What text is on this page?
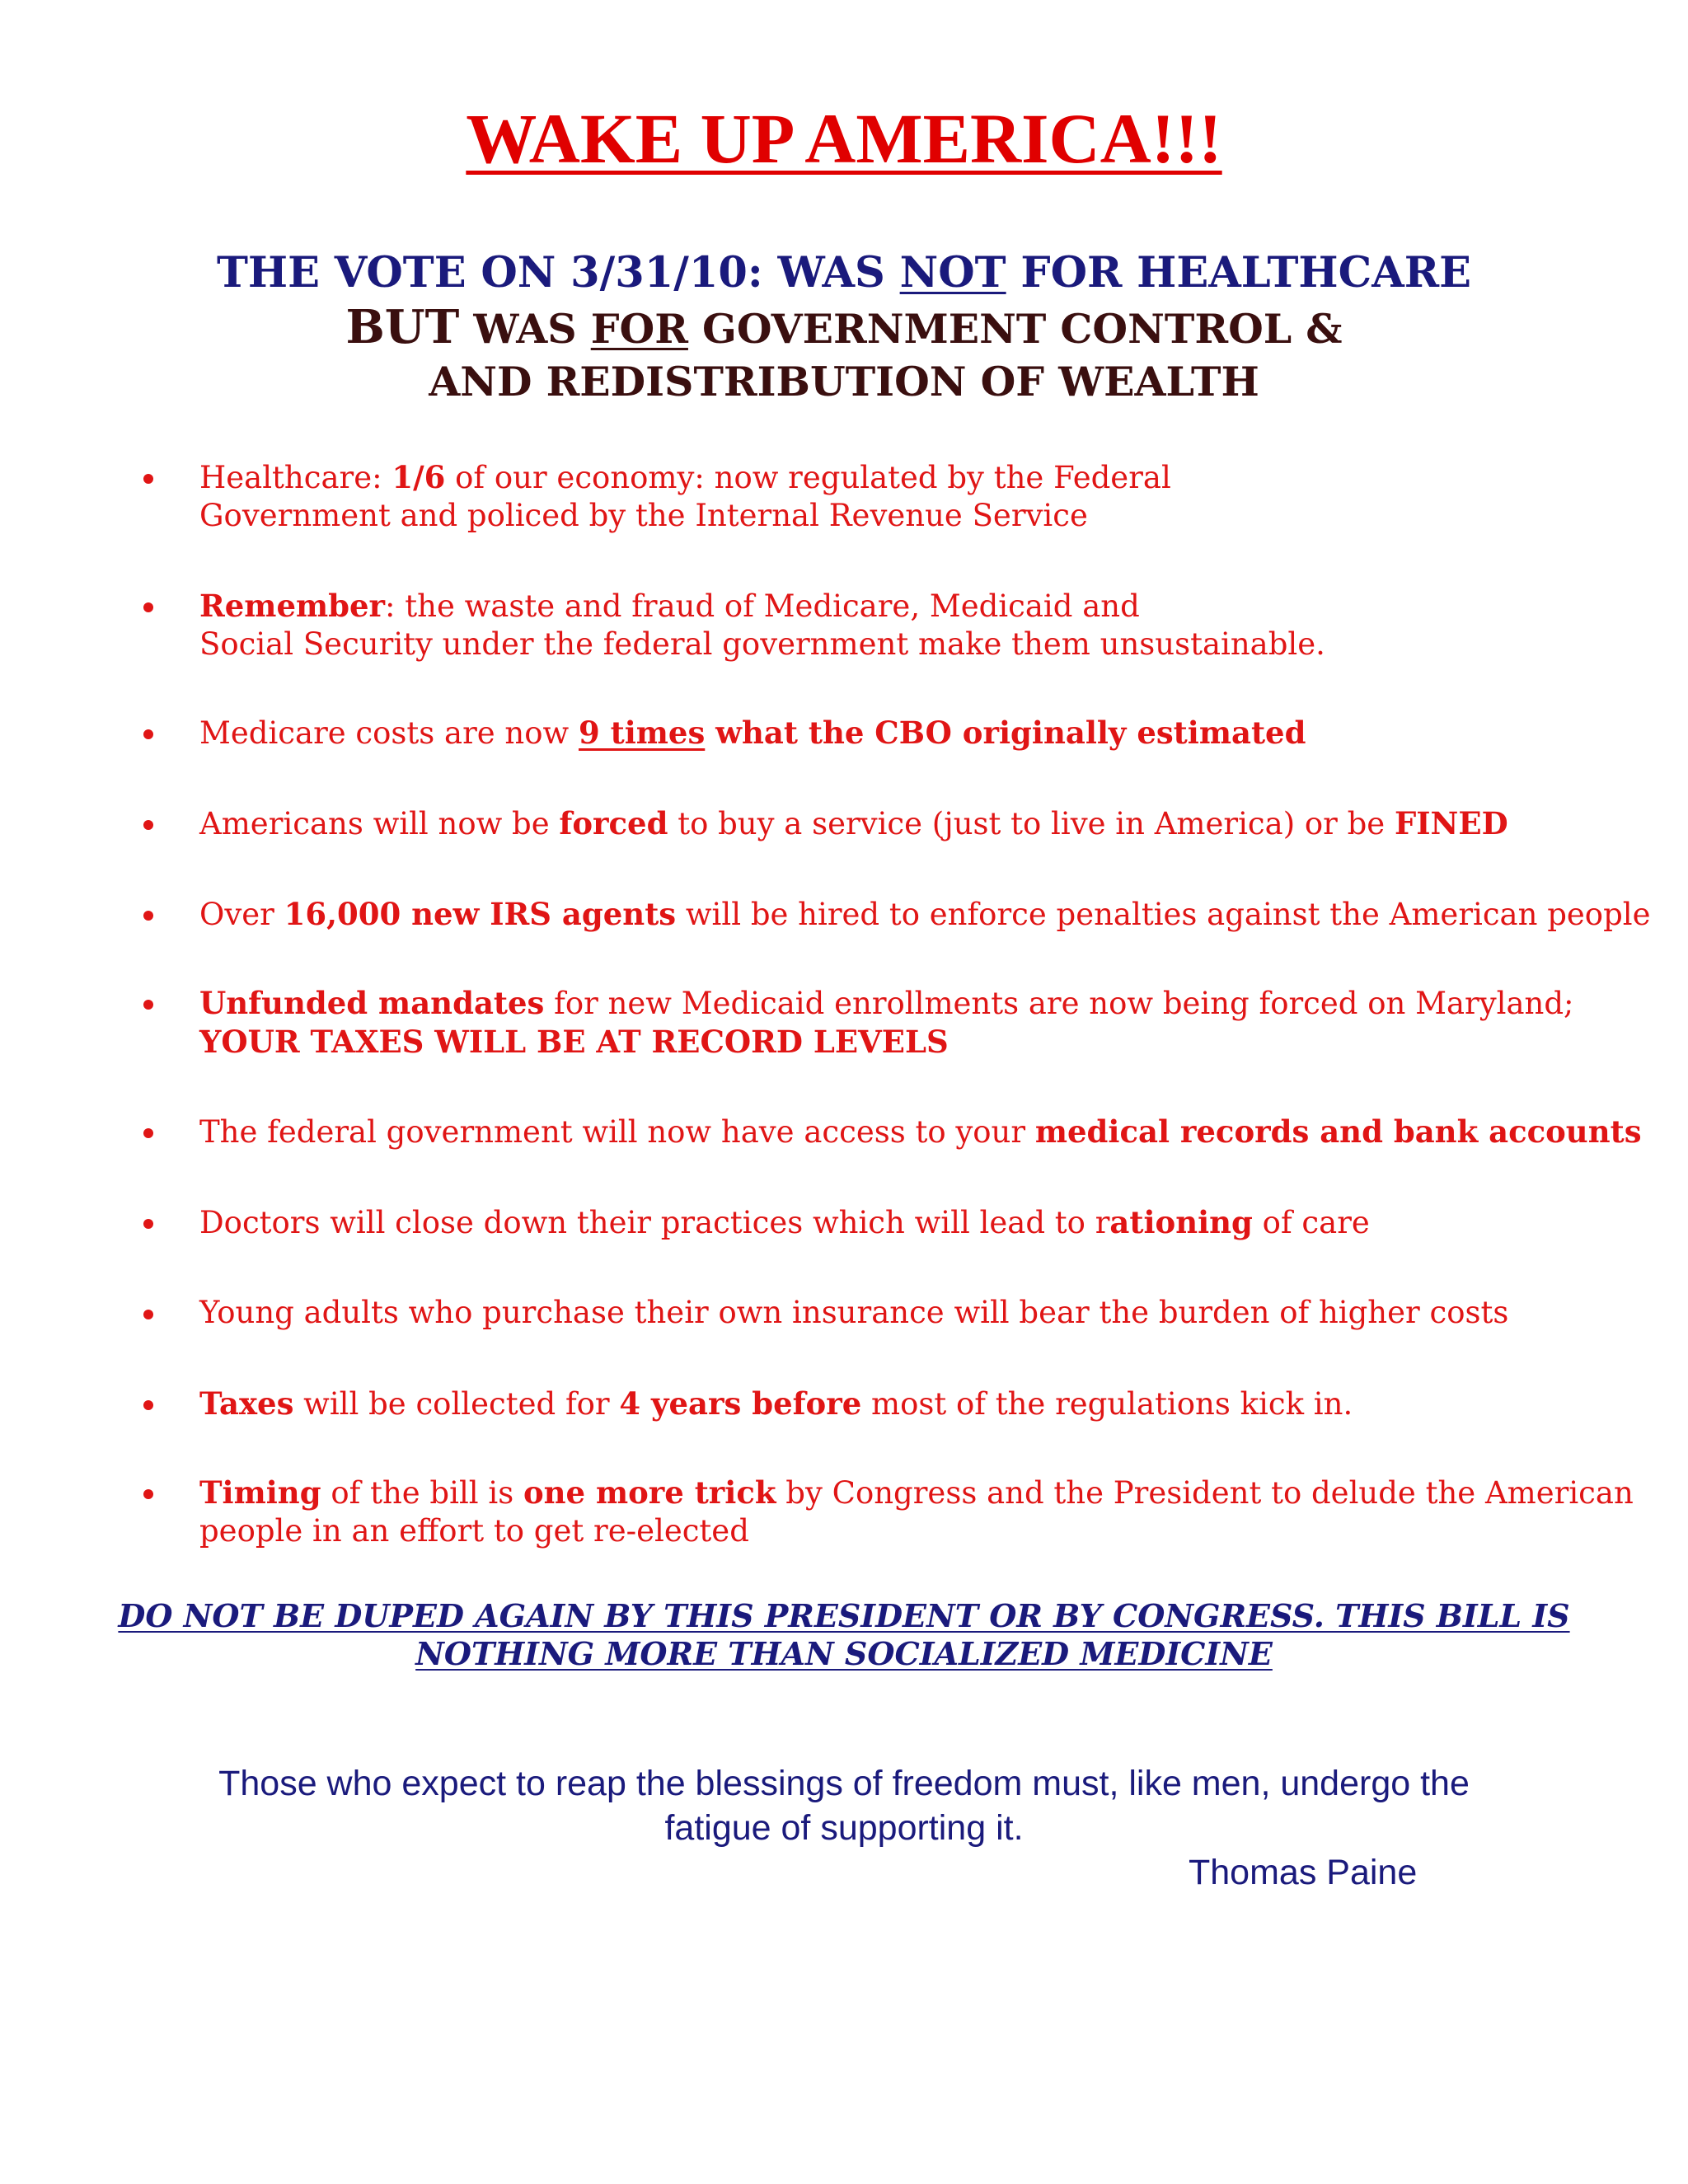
WAKE UP AMERICA!!!
THE VOTE ON 3/31/10: WAS NOT FOR HEALTHCARE
BUT WAS FOR GOVERNMENT CONTROL &
AND REDISTRIBUTION OF WEALTH
Healthcare: 1/6 of our economy: now regulated by the Federal
Government and policed by the Internal Revenue Service
Remember: the waste and fraud of Medicare, Medicaid and
Social Security under the federal government make them unsustainable.
Medicare costs are now 9 times what the CBO originally estimated
Americans will now be forced to buy a service (just to live in America) or be FINED
Over 16,000 new IRS agents will be hired to enforce penalties against the American people
Unfunded mandates for new Medicaid enrollments are now being forced on Maryland;
YOUR TAXES WILL BE AT RECORD LEVELS
The federal government will now have access to your medical records and bank accounts
Doctors will close down their practices which will lead to rationing of care
Young adults who purchase their own insurance will bear the burden of higher costs
Taxes will be collected for 4 years before most of the regulations kick in.
Timing of the bill is one more trick by Congress and the President to delude the American
people in an effort to get re-elected
DO NOT BE DUPED AGAIN BY THIS PRESIDENT OR BY CONGRESS. THIS BILL IS
NOTHING MORE THAN SOCIALIZED MEDICINE
Those who expect to reap the blessings of freedom must, like men, undergo the
fatigue of supporting it.
Thomas Paine
